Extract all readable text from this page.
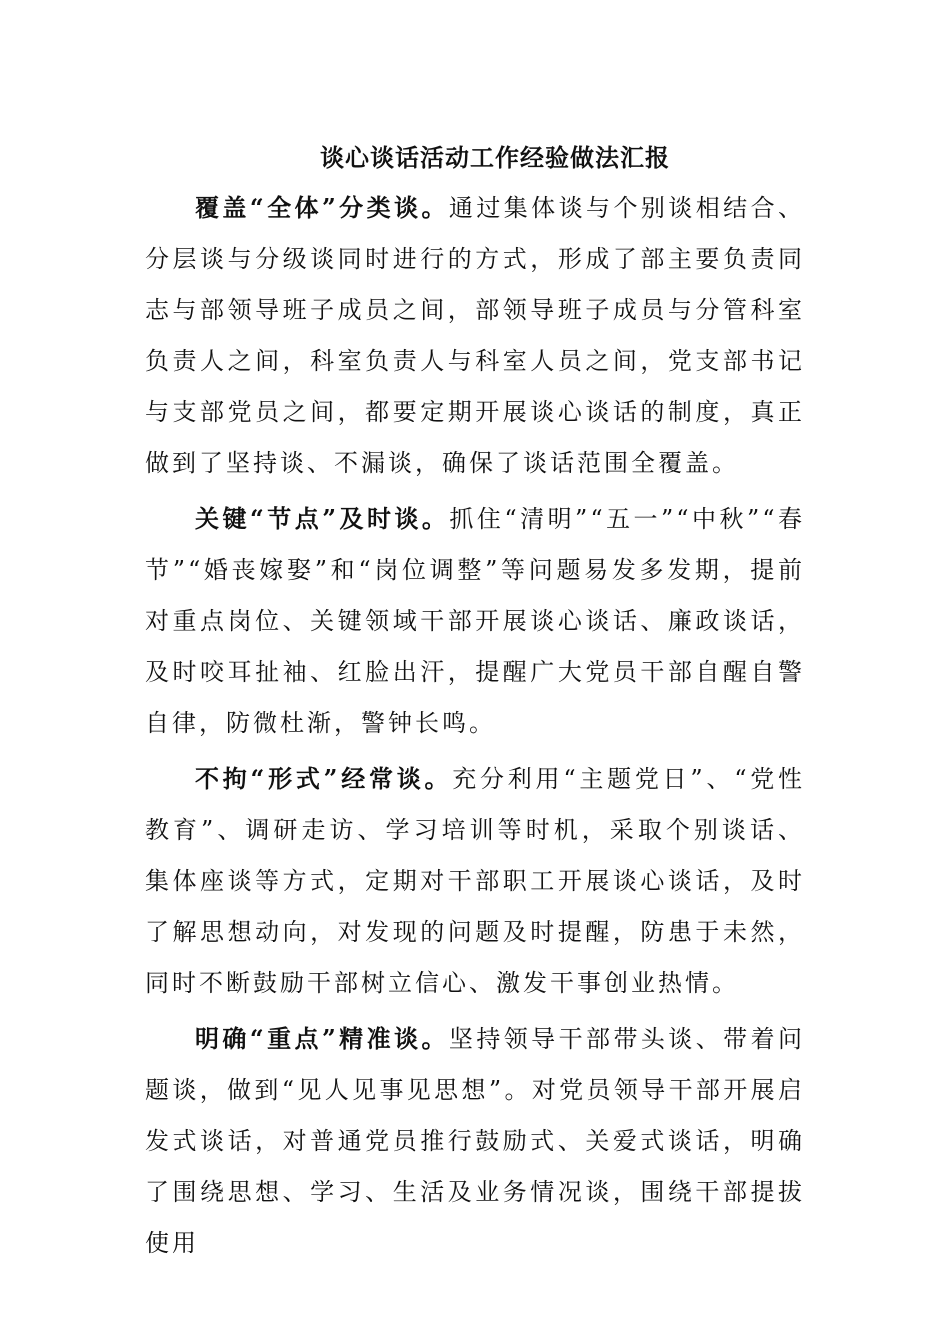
谈心谈话活动工作经验做法汇报

覆盖“全体”分类谈。通过集体谈与个别谈相结合、分层谈与分级谈同时进行的方式，形成了部主要负责同志与部领导班子成员之间，部领导班子成员与分管科室负责人之间，科室负责人与科室人员之间，党支部书记与支部党员之间，都要定期开展谈心谈话的制度，真正做到了坚持谈、不漏谈，确保了谈话范围全覆盖。

关键“节点”及时谈。抓住“清明”“五一”“中秋”“春节”“婚丧嫁娶”和“岗位调整”等问题易发多发期，提前对重点岗位、关键领域干部开展谈心谈话、廉政谈话，及时咬耳扯袖、红脸出汗，提醒广大党员干部自醒自警自律，防微杜渐，警钟长鸣。

不拘“形式”经常谈。充分利用“主题党日”、“党性教育”、调研走访、学习培训等时机，采取个别谈话、集体座谈等方式，定期对干部职工开展谈心谈话，及时了解思想动向，对发现的问题及时提醒，防患于未然，同时不断鼓励干部树立信心、激发干事创业热情。

明确“重点”精准谈。坚持领导干部带头谈、带着问题谈，做到“见人见事见思想”。对党员领导干部开展启发式谈话，对普通党员推行鼓励式、关爱式谈话，明确了围绕思想、学习、生活及业务情况谈，围绕干部提拔使用
